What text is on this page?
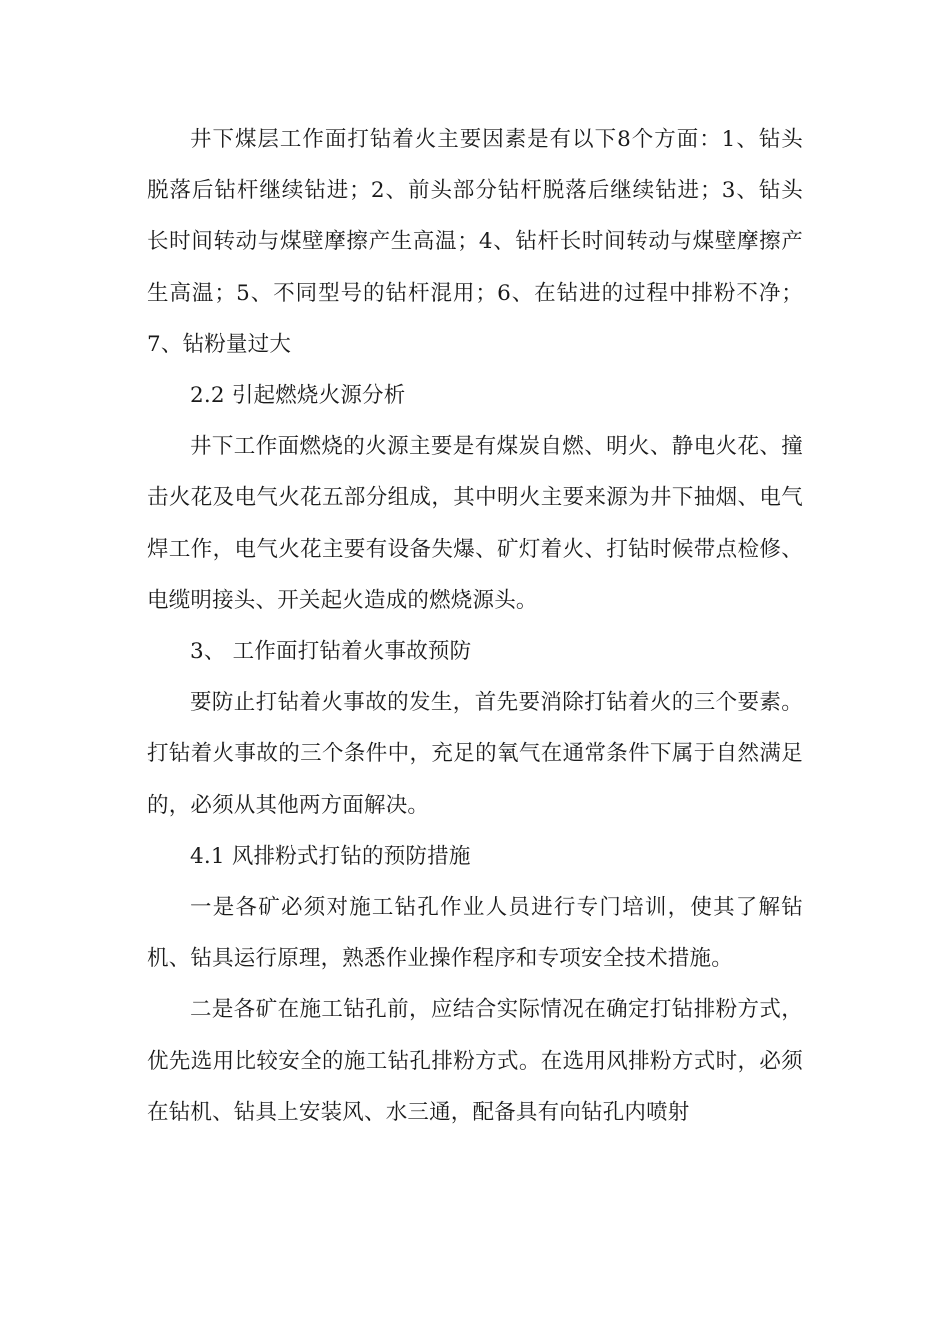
井下煤层工作面打钻着火主要因素是有以下8个方面：1、钻头脱落后钻杆继续钻进；2、前头部分钻杆脱落后继续钻进；3、钻头长时间转动与煤壁摩擦产生高温；4、钻杆长时间转动与煤壁摩擦产生高温；5、不同型号的钻杆混用；6、在钻进的过程中排粉不净；7、钻粉量过大

2.2 引起燃烧火源分析

井下工作面燃烧的火源主要是有煤炭自燃、明火、静电火花、撞击火花及电气火花五部分组成，其中明火主要来源为井下抽烟、电气焊工作，电气火花主要有设备失爆、矿灯着火、打钻时候带点检修、电缆明接头、开关起火造成的燃烧源头。

3、 工作面打钻着火事故预防

要防止打钻着火事故的发生，首先要消除打钻着火的三个要素。打钻着火事故的三个条件中，充足的氧气在通常条件下属于自然满足的，必须从其他两方面解决。

4.1 风排粉式打钻的预防措施

一是各矿必须对施工钻孔作业人员进行专门培训，使其了解钻机、钻具运行原理，熟悉作业操作程序和专项安全技术措施。

二是各矿在施工钻孔前，应结合实际情况在确定打钻排粉方式，优先选用比较安全的施工钻孔排粉方式。在选用风排粉方式时，必须在钻机、钻具上安装风、水三通，配备具有向钻孔内喷射
